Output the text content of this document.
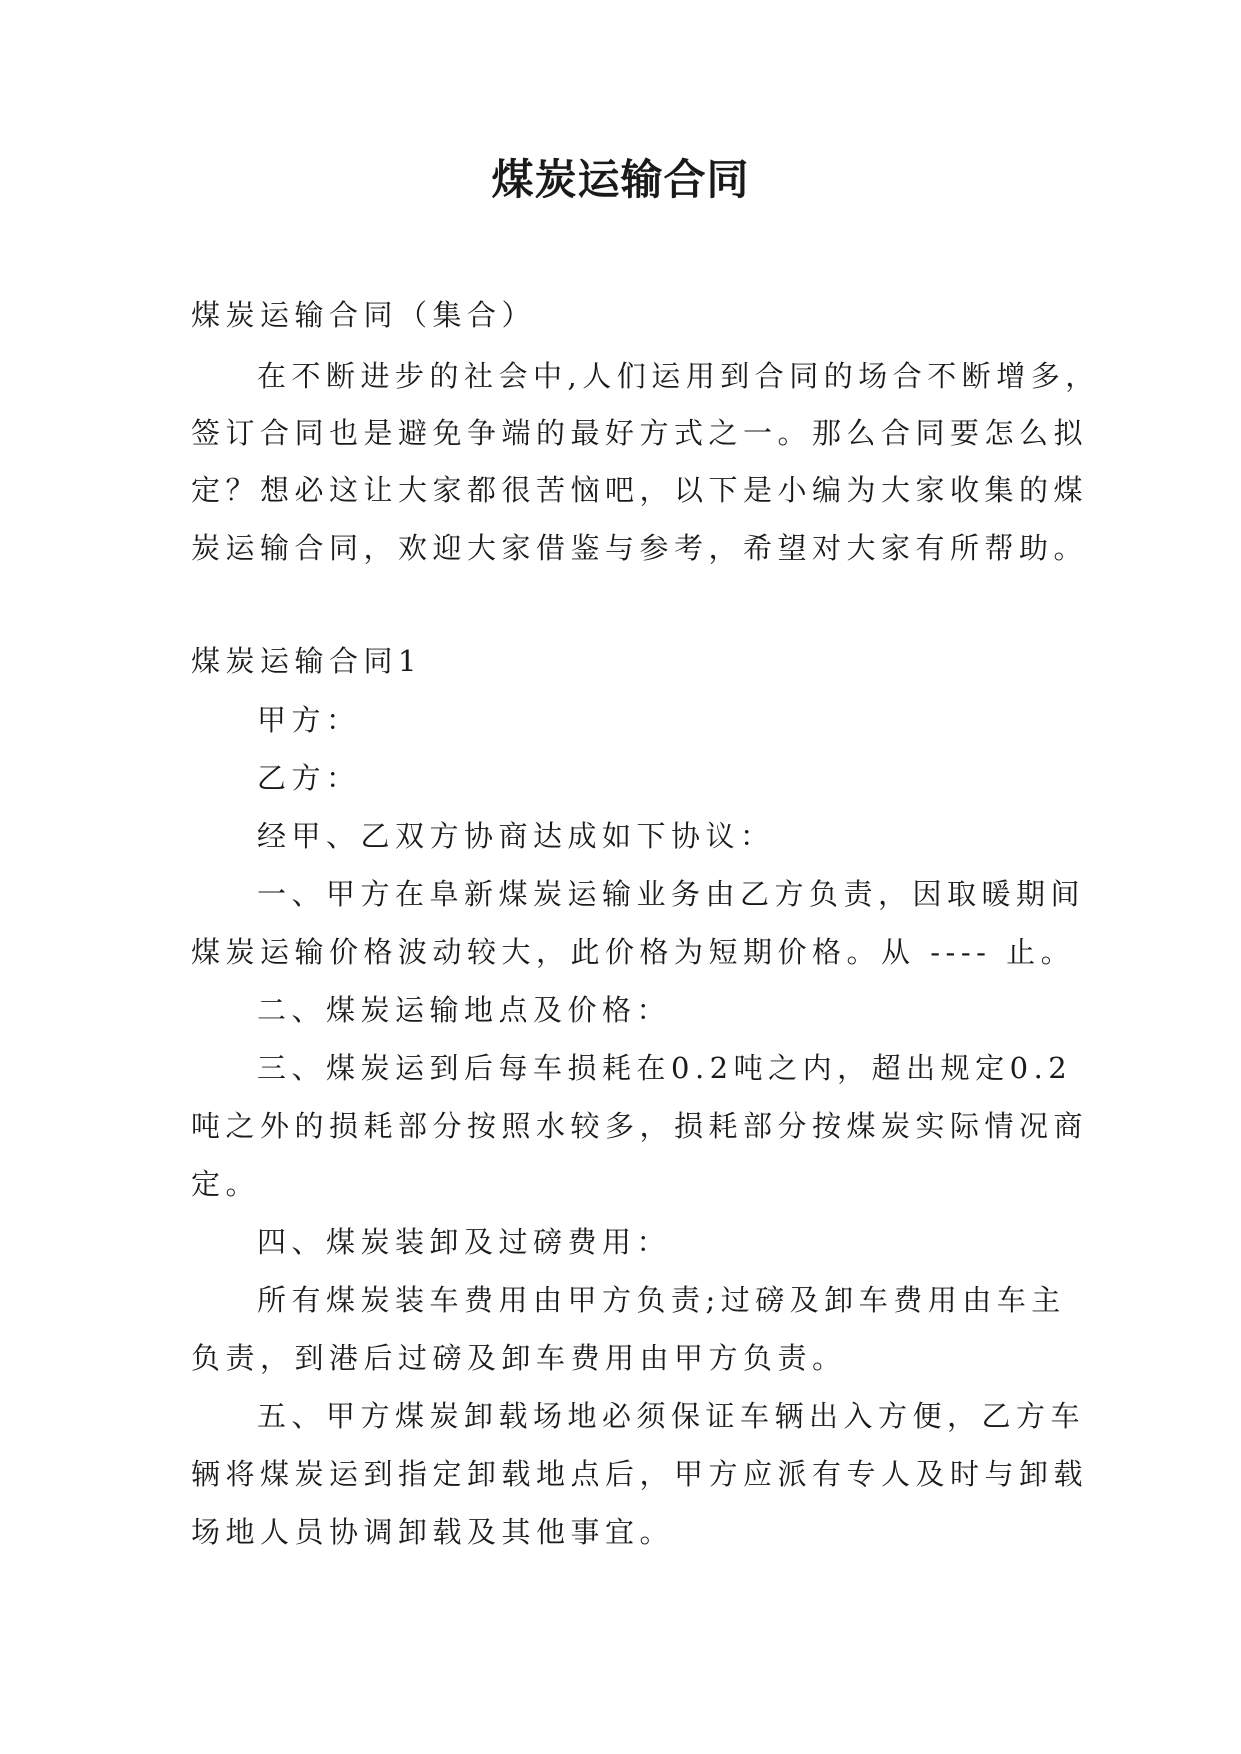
煤炭运输合同
煤炭运输合同（集合）
在不断进步的社会中,人们运用到合同的场合不断增多，
签订合同也是避免争端的最好方式之一。那么合同要怎么拟
定？想必这让大家都很苦恼吧，以下是小编为大家收集的煤
炭运输合同，欢迎大家借鉴与参考，希望对大家有所帮助。
煤炭运输合同1
甲方：
乙方：
经甲、乙双方协商达成如下协议：
一、甲方在阜新煤炭运输业务由乙方负责，因取暖期间
煤炭运输价格波动较大，此价格为短期价格。从 ---- 止。
二、煤炭运输地点及价格：
三、煤炭运到后每车损耗在0.2吨之内，超出规定0.2
吨之外的损耗部分按照水较多，损耗部分按煤炭实际情况商
定。
四、煤炭装卸及过磅费用：
所有煤炭装车费用由甲方负责;过磅及卸车费用由车主
负责，到港后过磅及卸车费用由甲方负责。
五、甲方煤炭卸载场地必须保证车辆出入方便，乙方车
辆将煤炭运到指定卸载地点后，甲方应派有专人及时与卸载
场地人员协调卸载及其他事宜。
